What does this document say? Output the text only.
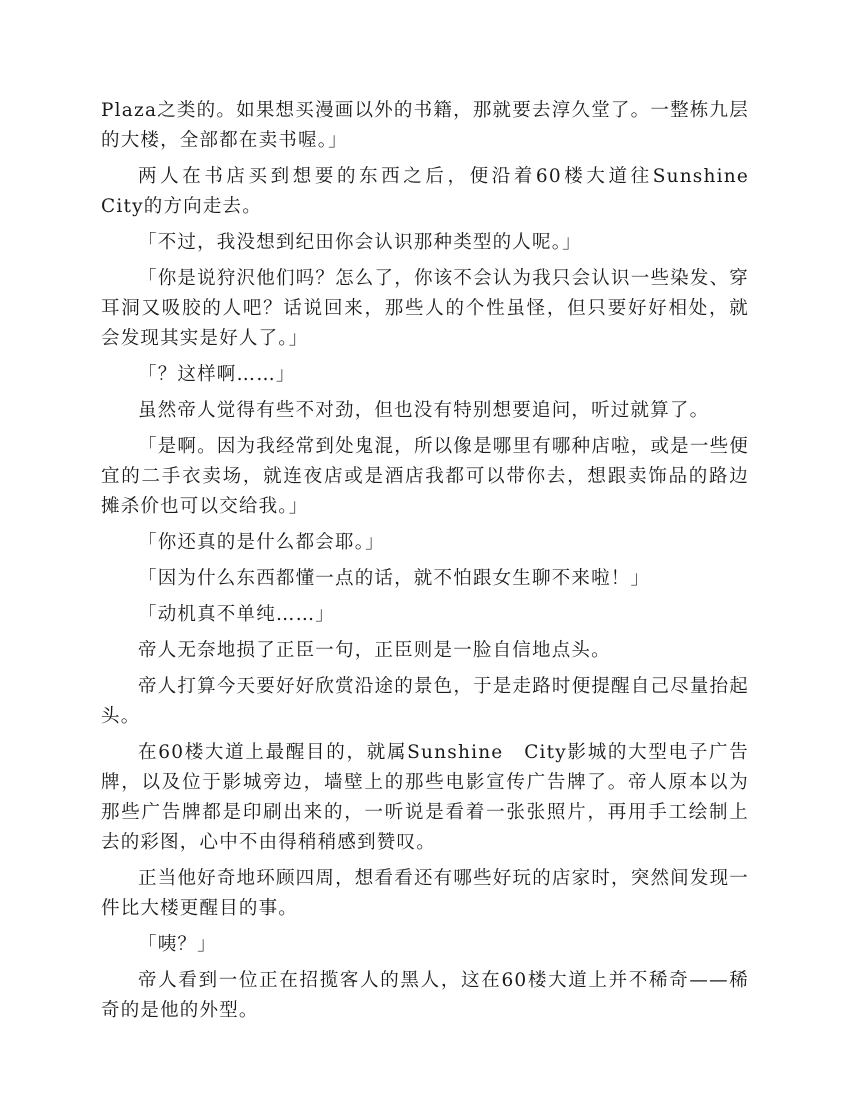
Plaza之类的。如果想买漫画以外的书籍，那就要去淳久堂了。一整栋九层的大楼，全部都在卖书喔。」

两人在书店买到想要的东西之后，便沿着60楼大道往Sunshine　City的方向走去。

「不过，我没想到纪田你会认识那种类型的人呢。」

「你是说狩沢他们吗？怎么了，你该不会认为我只会认识一些染发、穿耳洞又吸胶的人吧？话说回来，那些人的个性虽怪，但只要好好相处，就会发现其实是好人了。」

「？这样啊……」

虽然帝人觉得有些不对劲，但也没有特别想要追问，听过就算了。

「是啊。因为我经常到处鬼混，所以像是哪里有哪种店啦，或是一些便宜的二手衣卖场，就连夜店或是酒店我都可以带你去，想跟卖饰品的路边摊杀价也可以交给我。」

「你还真的是什么都会耶。」

「因为什么东西都懂一点的话，就不怕跟女生聊不来啦！」

「动机真不单纯……」

帝人无奈地损了正臣一句，正臣则是一脸自信地点头。

帝人打算今天要好好欣赏沿途的景色，于是走路时便提醒自己尽量抬起头。

在60楼大道上最醒目的，就属Sunshine　City影城的大型电子广告牌，以及位于影城旁边，墙壁上的那些电影宣传广告牌了。帝人原本以为那些广告牌都是印刷出来的，一听说是看着一张张照片，再用手工绘制上去的彩图，心中不由得稍稍感到赞叹。

正当他好奇地环顾四周，想看看还有哪些好玩的店家时，突然间发现一件比大楼更醒目的事。

「咦？」

帝人看到一位正在招揽客人的黑人，这在60楼大道上并不稀奇——稀奇的是他的外型。
